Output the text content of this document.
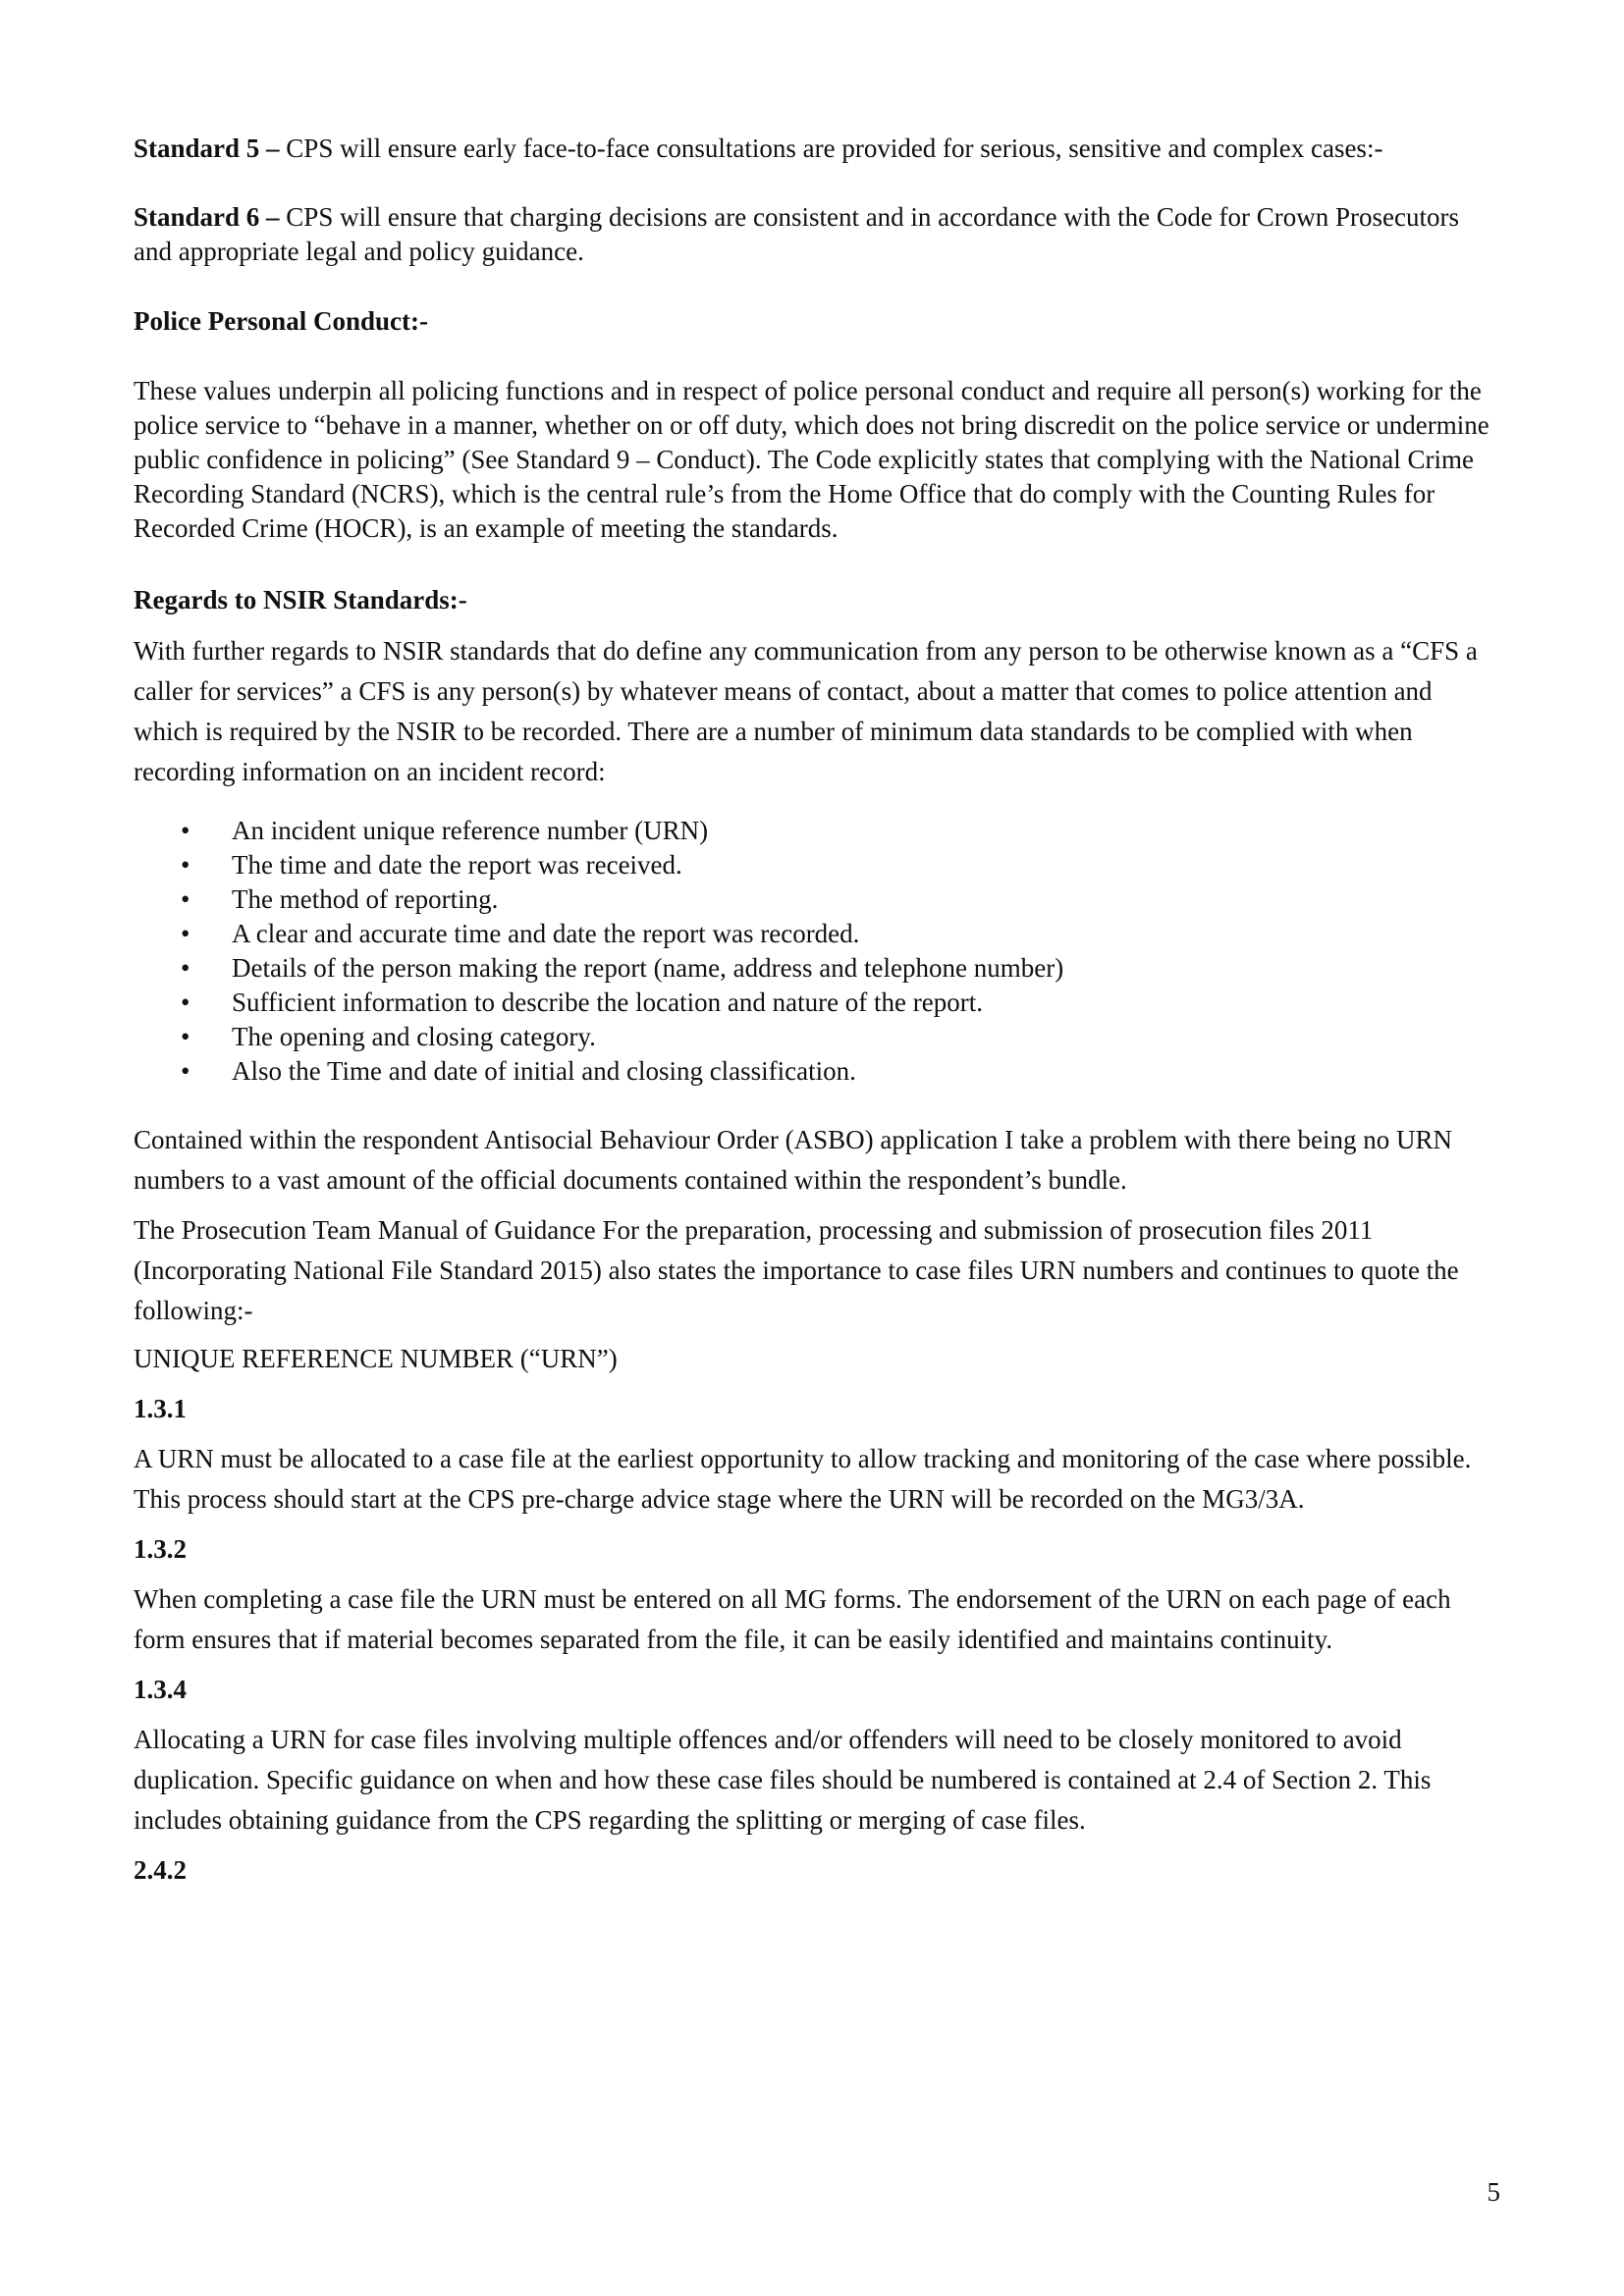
Standard 5 – CPS will ensure early face-to-face consultations are provided for serious, sensitive and complex cases:-

Standard 6 – CPS will ensure that charging decisions are consistent and in accordance with the Code for Crown Prosecutors and appropriate legal and policy guidance.

Police Personal Conduct:-

These values underpin all policing functions and in respect of police personal conduct and require all person(s) working for the police service to “behave in a manner, whether on or off duty, which does not bring discredit on the police service or undermine public confidence in policing” (See Standard 9 – Conduct). The Code explicitly states that complying with the National Crime Recording Standard (NCRS), which is the central rule’s from the Home Office that do comply with the Counting Rules for Recorded Crime (HOCR), is an example of meeting the standards.

Regards to NSIR Standards:-

With further regards to NSIR standards that do define any communication from any person to be otherwise known as a “CFS a caller for services” a CFS is any person(s) by whatever means of contact, about a matter that comes to police attention and which is required by the NSIR to be recorded. There are a number of minimum data standards to be complied with when recording information on an incident record:

• An incident unique reference number (URN)
• The time and date the report was received.
• The method of reporting.
• A clear and accurate time and date the report was recorded.
• Details of the person making the report (name, address and telephone number)
• Sufficient information to describe the location and nature of the report.
• The opening and closing category.
• Also the Time and date of initial and closing classification.

Contained within the respondent Antisocial Behaviour Order (ASBO) application I take a problem with there being no URN numbers to a vast amount of the official documents contained within the respondent’s bundle.

The Prosecution Team Manual of Guidance For the preparation, processing and submission of prosecution files 2011 (Incorporating National File Standard 2015) also states the importance to case files URN numbers and continues to quote the following:-

UNIQUE REFERENCE NUMBER (“URN”)

1.3.1

A URN must be allocated to a case file at the earliest opportunity to allow tracking and monitoring of the case where possible. This process should start at the CPS pre-charge advice stage where the URN will be recorded on the MG3/3A.

1.3.2

When completing a case file the URN must be entered on all MG forms. The endorsement of the URN on each page of each form ensures that if material becomes separated from the file, it can be easily identified and maintains continuity.

1.3.4

Allocating a URN for case files involving multiple offences and/or offenders will need to be closely monitored to avoid duplication. Specific guidance on when and how these case files should be numbered is contained at 2.4 of Section 2. This includes obtaining guidance from the CPS regarding the splitting or merging of case files.

2.4.2

5
